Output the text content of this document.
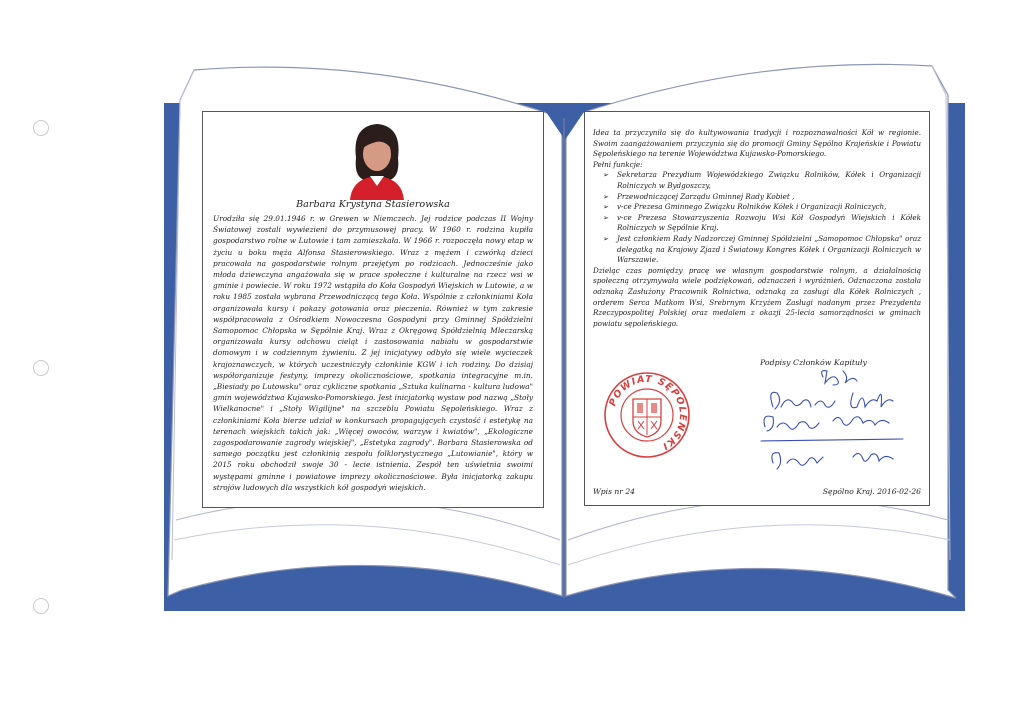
Barbara Krystyna Stasierowska

Urodziła się 29.01.1946 r. w Grewen w Niemczech. Jej rodzice podczas II Wojny Światowej zostali wywiezieni do przymusowej pracy. W 1960 r. rodzina kupiła gospodarstwo rolne w Lutowie i tam zamieszkała. W 1966 r. rozpoczęła nowy etap w życiu u boku męża Alfonsa Stasierowskiego. Wraz z mężem i czwórką dzieci pracowała na gospodarstwie rolnym przejętym po rodzicach. Jednocześnie jako młoda dziewczyna angażowała się w prace społeczne i kulturalne na rzecz wsi w gminie i powiecie. W roku 1972 wstąpiła do Koła Gospodyń Wiejskich w Lutowie, a w roku 1985 została wybrana Przewodniczącą tego Koła. Wspólnie z członkiniami Koła organizowała kursy i pokazy gotowania oraz pieczenia. Również w tym zakresie współpracowała z Ośrodkiem Nowoczesna Gospodyni przy Gminnej Spółdzielni Samopomoc Chłopska w Sępólnie Kraj. Wraz z Okręgową Spółdzielnią Mleczarską organizowała kursy odchowu cieląt i zastosowania nabiału w gospodarstwie domowym i w codziennym żywieniu. Z jej inicjatywy odbyło się wiele wycieczek krajoznawczych, w których uczestniczyły członkinie KGW i ich rodziny. Do dzisiaj współorganizuje festyny, imprezy okolicznościowe, spotkania integracyjne m.in. „Biesiady po Lutowsku" oraz cykliczne spotkania „Sztuka kulinarna - kultura ludowa" gmin województwa Kujawsko-Pomorskiego. Jest inicjatorką wystaw pod nazwą „Stoły Wielkanocne" i „Stoły Wigilijne" na szczeblu Powiatu Sępoleńskiego. Wraz z członkiniami Koła bierze udział w konkursach propagujących czystość i estetykę na terenach wiejskich takich jak: „Więcej owoców, warzyw i kwiatów", „Ekologiczne zagospodarowanie zagrody wiejskiej", „Estetyka zagrody". Barbara Stasierowska od samego początku jest członkinią zespołu folklorystycznego „Lutowianie", który w 2015 roku obchodził swoje 30 - lecie istnienia. Zespół ten uświetnia swoimi występami gminne i powiatowe imprezy okolicznościowe. Była inicjatorką zakupu strojów ludowych dla wszystkich kół gospodyń wiejskich.

Idea ta przyczyniła się do kultywowania tradycji i rozpoznawalności Kół w regionie. Swoim zaangażowaniem przyczynia się do promocji Gminy Sępólno Krajeńskie i Powiatu Sępoleńskiego na terenie Województwa Kujawsko-Pomorskiego.

Pełni funkcje:

➢ Sekretarza Prezydium Wojewódzkiego Związku Rolników, Kółek i Organizacji Rolniczych w Bydgoszczy,
➢ Przewodniczącej Zarządu Gminnej Rady Kobiet ,
➢ v-ce Prezesa Gminnego Związku Rolników Kółek i Organizacji Rolniczych,
➢ v-ce Prezesa Stowarzyszenia Rozwoju Wsi Kół Gospodyń Wiejskich i Kółek Rolniczych w Sępólnie Kraj.
➢ Jest członkiem Rady Nadzorczej Gminnej Spółdzielni „Samopomoc Chłopska" oraz delegatką na Krajowy Zjazd i Światowy Kongres Kółek i Organizacji Rolniczych w Warszawie.

Dzieląc czas pomiędzy pracę we własnym gospodarstwie rolnym, a działalnością społeczną otrzymywała wiele podziękowań, odznaczeń i wyróżnień. Odznaczona została odznaką Zasłużony Pracownik Rolnictwa, odznaką za zasługi dla Kółek Rolniczych , orderem Serca Matkom Wsi, Srebrnym Krzyżem Zasługi nadanym przez Prezydenta Rzeczypospolitej Polskiej oraz medalem z okazji 25-lecia samorządności w gminach powiatu sępoleńskiego.

Podpisy Członków Kapituły
POWIAT SĘPOLEŃSKI
Wpis nr 24	Sępólno Kraj. 2016-02-26
